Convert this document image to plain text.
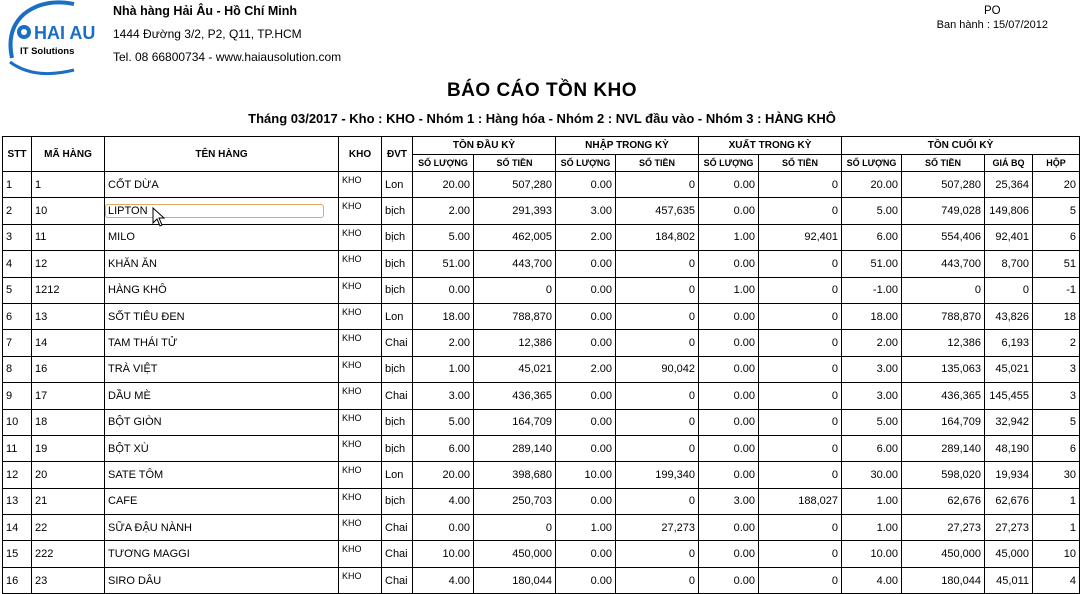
HAI AU
IT Solutions
Nhà hàng Hải Âu - Hồ Chí Minh
1444 Đường 3/2, P2, Q11, TP.HCM
Tel. 08 66800734 - www.haiausolution.com
PO
Ban hành : 15/07/2012
BÁO CÁO TỒN KHO
Tháng 03/2017 - Kho : KHO - Nhóm 1 : Hàng hóa - Nhóm 2 : NVL đầu vào - Nhóm 3 : HÀNG KHÔ
STT	MÃ HÀNG	TÊN HÀNG	KHO	ĐVT	TỒN ĐẦU KỲ		NHẬP TRONG KỲ		XUẤT TRONG KỲ		TỒN CUỐI KỲ			
					SỐ LƯỢNG	SỐ TIỀN	SỐ LƯỢNG	SỐ TIỀN	SỐ LƯỢNG	SỐ TIỀN	SỐ LƯỢNG	SỐ TIỀN	GIÁ BQ	HỘP
1	1	CỐT DỪA	KHO	Lon	20.00	507,280	0.00	0	0.00	0	20.00	507,280	25,364	20
2	10	LIPTON	KHO	bịch	2.00	291,393	3.00	457,635	0.00	0	5.00	749,028	149,806	5
3	11	MILO	KHO	bịch	5.00	462,005	2.00	184,802	1.00	92,401	6.00	554,406	92,401	6
4	12	KHĂN ĂN	KHO	bịch	51.00	443,700	0.00	0	0.00	0	51.00	443,700	8,700	51
5	1212	HÀNG KHÔ	KHO	bịch	0.00	0	0.00	0	1.00	0	-1.00	0	0	-1
6	13	SỐT TIÊU ĐEN	KHO	Lon	18.00	788,870	0.00	0	0.00	0	18.00	788,870	43,826	18
7	14	TAM THÁI TỬ	KHO	Chai	2.00	12,386	0.00	0	0.00	0	2.00	12,386	6,193	2
8	16	TRÀ VIỆT	KHO	bịch	1.00	45,021	2.00	90,042	0.00	0	3.00	135,063	45,021	3
9	17	DẦU MÈ	KHO	Chai	3.00	436,365	0.00	0	0.00	0	3.00	436,365	145,455	3
10	18	BỘT GIÒN	KHO	bịch	5.00	164,709	0.00	0	0.00	0	5.00	164,709	32,942	5
11	19	BỘT XÙ	KHO	bịch	6.00	289,140	0.00	0	0.00	0	6.00	289,140	48,190	6
12	20	SATE TÔM	KHO	Lon	20.00	398,680	10.00	199,340	0.00	0	30.00	598,020	19,934	30
13	21	CAFE	KHO	bịch	4.00	250,703	0.00	0	3.00	188,027	1.00	62,676	62,676	1
14	22	SỮA ĐẬU NÀNH	KHO	Chai	0.00	0	1.00	27,273	0.00	0	1.00	27,273	27,273	1
15	222	TƯƠNG MAGGI	KHO	Chai	10.00	450,000	0.00	0	0.00	0	10.00	450,000	45,000	10
16	23	SIRO DÂU	KHO	Chai	4.00	180,044	0.00	0	0.00	0	4.00	180,044	45,011	4
